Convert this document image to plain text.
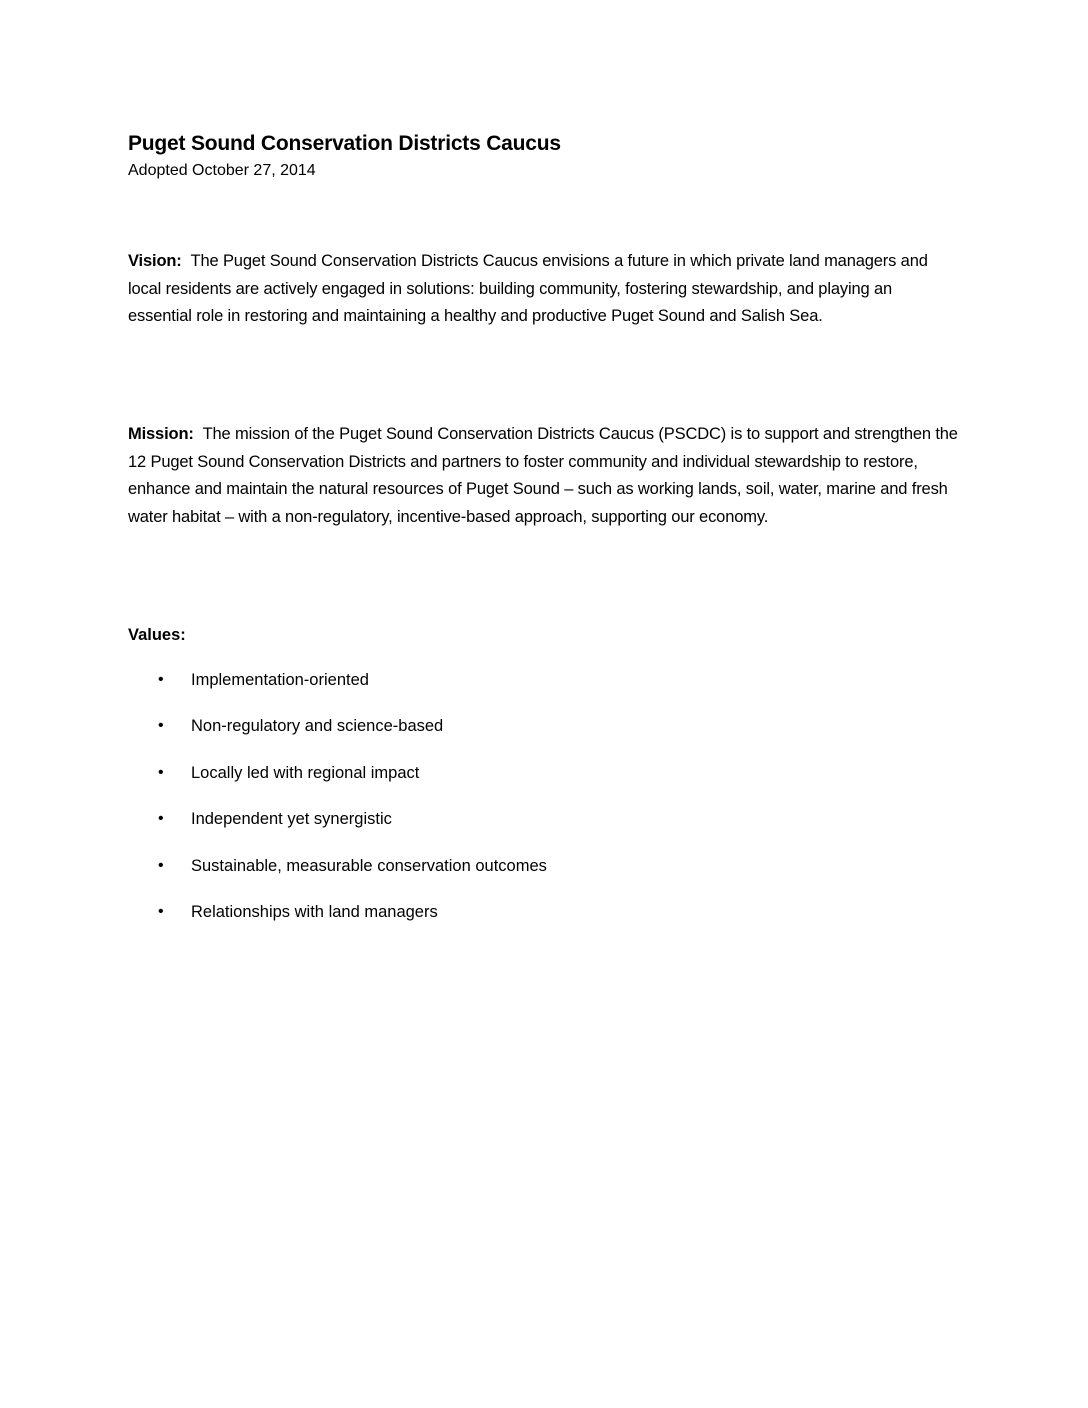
Puget Sound Conservation Districts Caucus
Adopted October 27, 2014
Vision: The Puget Sound Conservation Districts Caucus envisions a future in which private land managers and local residents are actively engaged in solutions: building community, fostering stewardship, and playing an essential role in restoring and maintaining a healthy and productive Puget Sound and Salish Sea.
Mission: The mission of the Puget Sound Conservation Districts Caucus (PSCDC) is to support and strengthen the 12 Puget Sound Conservation Districts and partners to foster community and individual stewardship to restore, enhance and maintain the natural resources of Puget Sound – such as working lands, soil, water, marine and fresh water habitat – with a non-regulatory, incentive-based approach, supporting our economy.
Values:
• Implementation-oriented
• Non-regulatory and science-based
• Locally led with regional impact
• Independent yet synergistic
• Sustainable, measurable conservation outcomes
• Relationships with land managers
